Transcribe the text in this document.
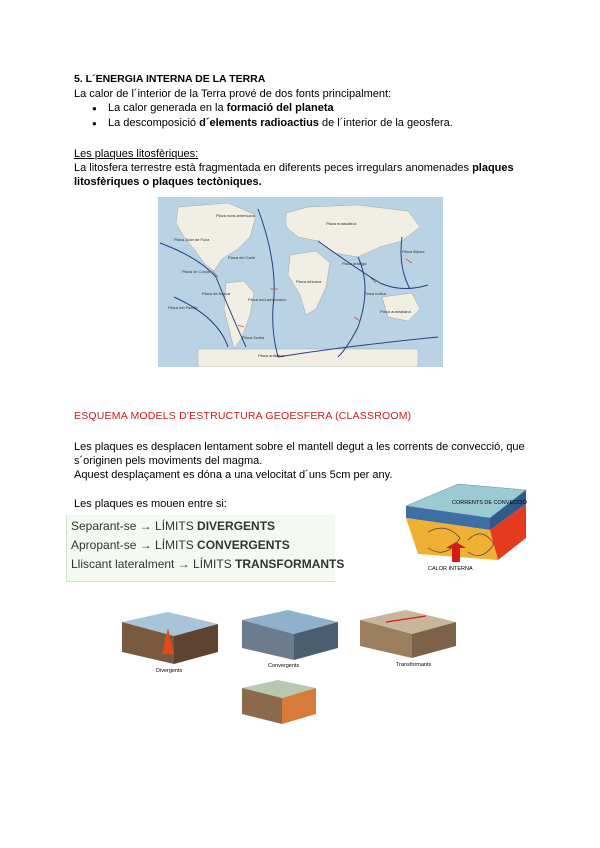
5. L´ENERGIA INTERNA DE LA TERRA
La calor de l´interior de la Terra prové de dos fonts principalment:
● La calor generada en la formació del planeta
● La descomposició d´elements radioactius de l´interior de la geosfera.
Les plaques litosfèriques:
La litosfera terrestre està fragmentada en diferents peces irregulars anomenades plaques
litosfèriques o plaques tectòniques.
Placa nord-americana
Placa eurasiàtica
Placa Juan de Fuca
Placa de Cocos
Placa del Carib
Placa de Nazca
Placa del Pacífic
Placa sud-americana
Placa africana
Placa aràbiga
Placa índica
Placa australiana
Placa filipina
Placa antàrtica
Placa Scotia
ESQUEMA MODELS D'ESTRUCTURA GEOESFERA (CLASSROOM)
Les plaques es desplacen lentament sobre el mantell degut a les corrents de convecció, que
s´originen pels moviments del magma.
Aquest desplaçament es dóna a una velocitat d´uns 5cm per any.
Les plaques es mouen entre si:	CORRENTS DE CONVECCIÓ
CALOR INTERNA
Separant-se → LÍMITS DIVERGENTS
Apropant-se → LÍMITS CONVERGENTS
Lliscant lateralment → LÍMITS TRANSFORMANTS
Divergents
Convergents	Transformants
